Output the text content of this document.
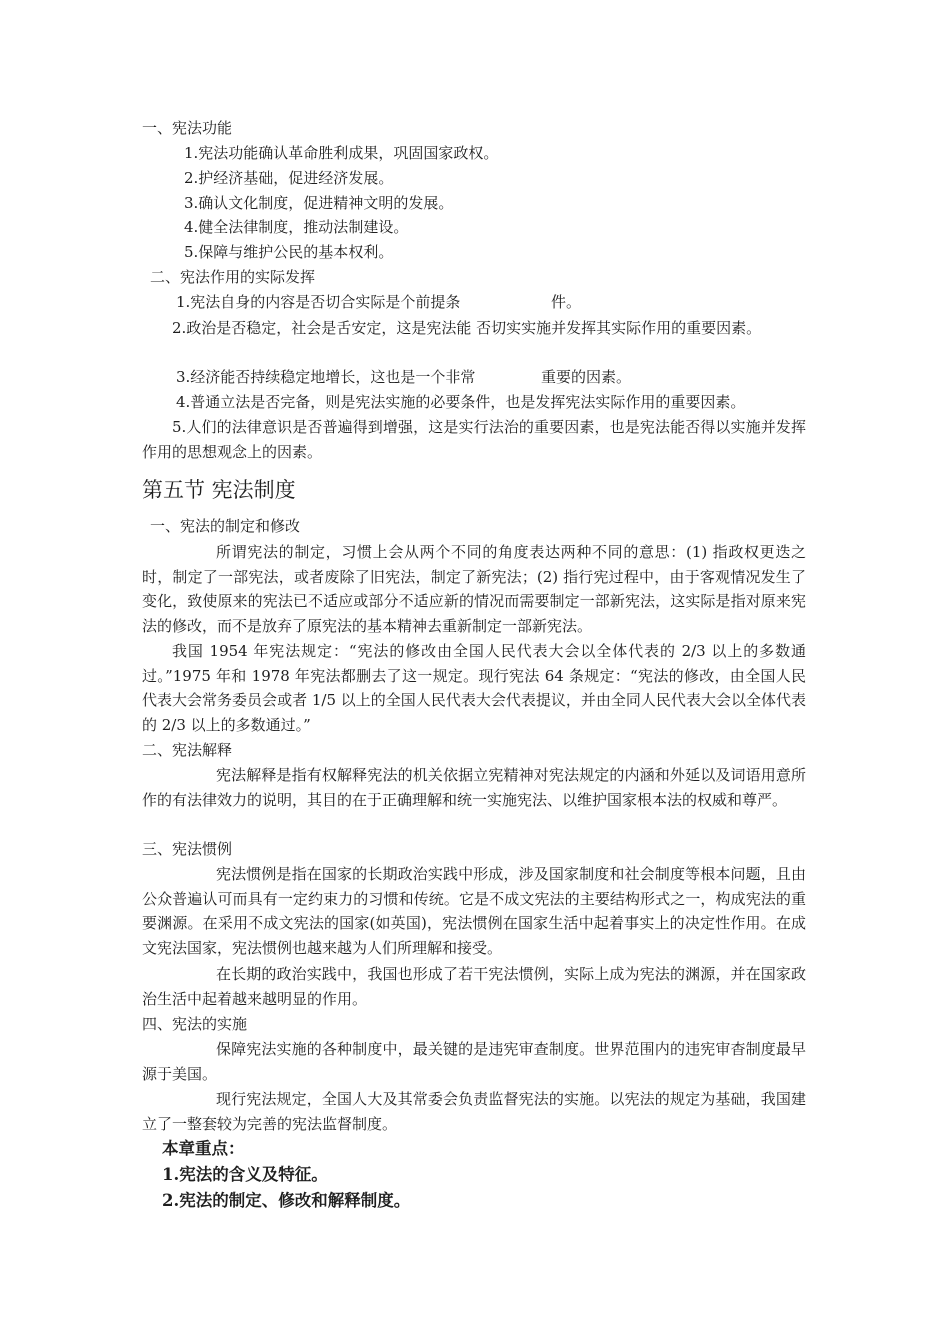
一、宪法功能
1.宪法功能确认革命胜利成果，巩固国家政权。
2.护经济基础，促进经济发展。
3.确认文化制度，促进精神文明的发展。
4.健全法律制度，推动法制建设。
5.保障与维护公民的基本权利。
二、宪法作用的实际发挥
1.宪法自身的内容是否切合实际是个前提条	件。
2.政治是否稳定，社会是舌安定，这是宪法能 否切实实施并发挥其实际作用的重要因素。
3.经济能否持续稳定地增长，这也是一个非常	重要的因素。
4.普通立法是否完备，则是宪法实施的必要条件，也是发挥宪法实际作用的重要因素。
5.人们的法律意识是否普遍得到增强，这是实行法治的重要因素，也是宪法能否得以实施并发挥作用的思想观念上的因素。
第五节 宪法制度
一、宪法的制定和修改
所谓宪法的制定，习惯上会从两个不同的角度表达两种不同的意思：(1) 指政权更迭之时，制定了一部宪法，或者废除了旧宪法，制定了新宪法；(2) 指行宪过程中，由于客观情况发生了变化，致使原来的宪法已不适应或部分不适应新的情况而需要制定一部新宪法，这实际是指对原来宪法的修改，而不是放弃了原宪法的基本精神去重新制定一部新宪法。
我国 1954 年宪法规定：“宪法的修改由全国人民代表大会以全体代表的 2/3 以上的多数通过。”1975 年和 1978 年宪法都删去了这一规定。现行宪法 64 条规定：“宪法的修改，由全国人民代表大会常务委员会或者 1/5 以上的全国人民代表大会代表提议，并由全同人民代表大会以全体代表的 2/3 以上的多数通过。”
二、宪法解释
宪法解释是指有权解释宪法的机关依据立宪精神对宪法规定的内涵和外延以及词语用意所作的有法律效力的说明，其目的在于正确理解和统一实施宪法、以维护国家根本法的权威和尊严。
三、宪法惯例
宪法惯例是指在国家的长期政治实践中形成，涉及国家制度和社会制度等根本问题，且由公众普遍认可而具有一定约束力的习惯和传统。它是不成文宪法的主要结构形式之一，构成宪法的重要渊源。在采用不成文宪法的国家(如英国)，宪法惯例在国家生活中起着事实上的决定性作用。在成文宪法国家，宪法惯例也越来越为人们所理解和接受。
在长期的政治实践中，我国也形成了若干宪法惯例，实际上成为宪法的渊源，并在国家政治生活中起着越来越明显的作用。
四、宪法的实施
保障宪法实施的各种制度中，最关键的是违宪审查制度。世界范围内的违宪审杳制度最早源于美国。
现行宪法规定，全国人大及其常委会负责监督宪法的实施。以宪法的规定为基础，我国建立了一整套较为完善的宪法监督制度。
本章重点：
1.宪法的含义及特征。
2.宪法的制定、修改和解释制度。
